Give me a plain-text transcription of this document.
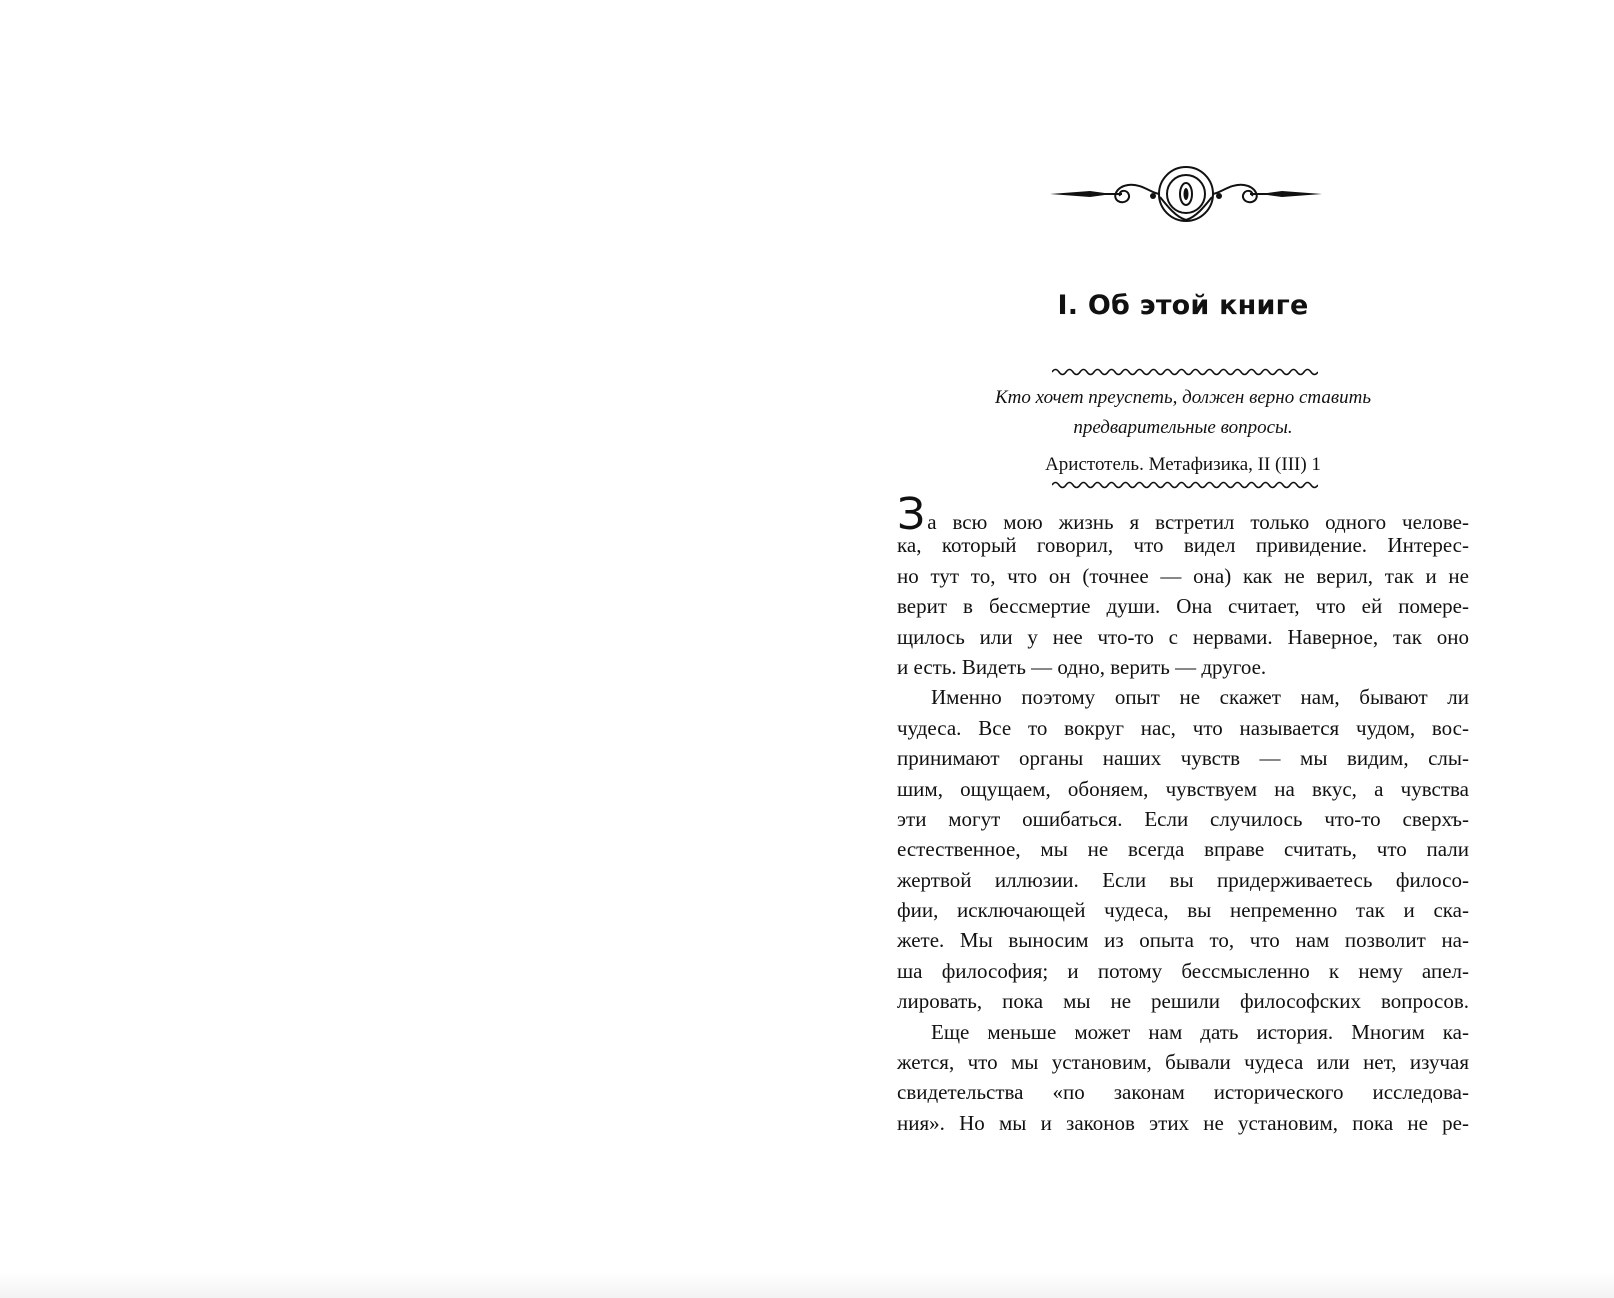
I. Об этой книге

Кто хочет преуспеть, должен верно ставить
предварительные вопросы.

Аристотель. Метафизика, II (III) 1

За всю мою жизнь я встретил только одного челове-
ка, который говорил, что видел привидение. Интерес-
но тут то, что он (точнее — она) как не верил, так и не
верит в бессмертие души. Она считает, что ей помере-
щилось или у нее что-то с нервами. Наверное, так оно
и есть. Видеть — одно, верить — другое.
Именно поэтому опыт не скажет нам, бывают ли
чудеса. Все то вокруг нас, что называется чудом, вос-
принимают органы наших чувств — мы видим, слы-
шим, ощущаем, обоняем, чувствуем на вкус, а чувства
эти могут ошибаться. Если случилось что-то сверхъ-
естественное, мы не всегда вправе считать, что пали
жертвой иллюзии. Если вы придерживаетесь филосо-
фии, исключающей чудеса, вы непременно так и ска-
жете. Мы выносим из опыта то, что нам позволит на-
ша философия; и потому бессмысленно к нему апел-
лировать, пока мы не решили философских вопросов.
Еще меньше может нам дать история. Многим ка-
жется, что мы установим, бывали чудеса или нет, изучая
свидетельства «по законам исторического исследова-
ния». Но мы и законов этих не установим, пока не ре-
